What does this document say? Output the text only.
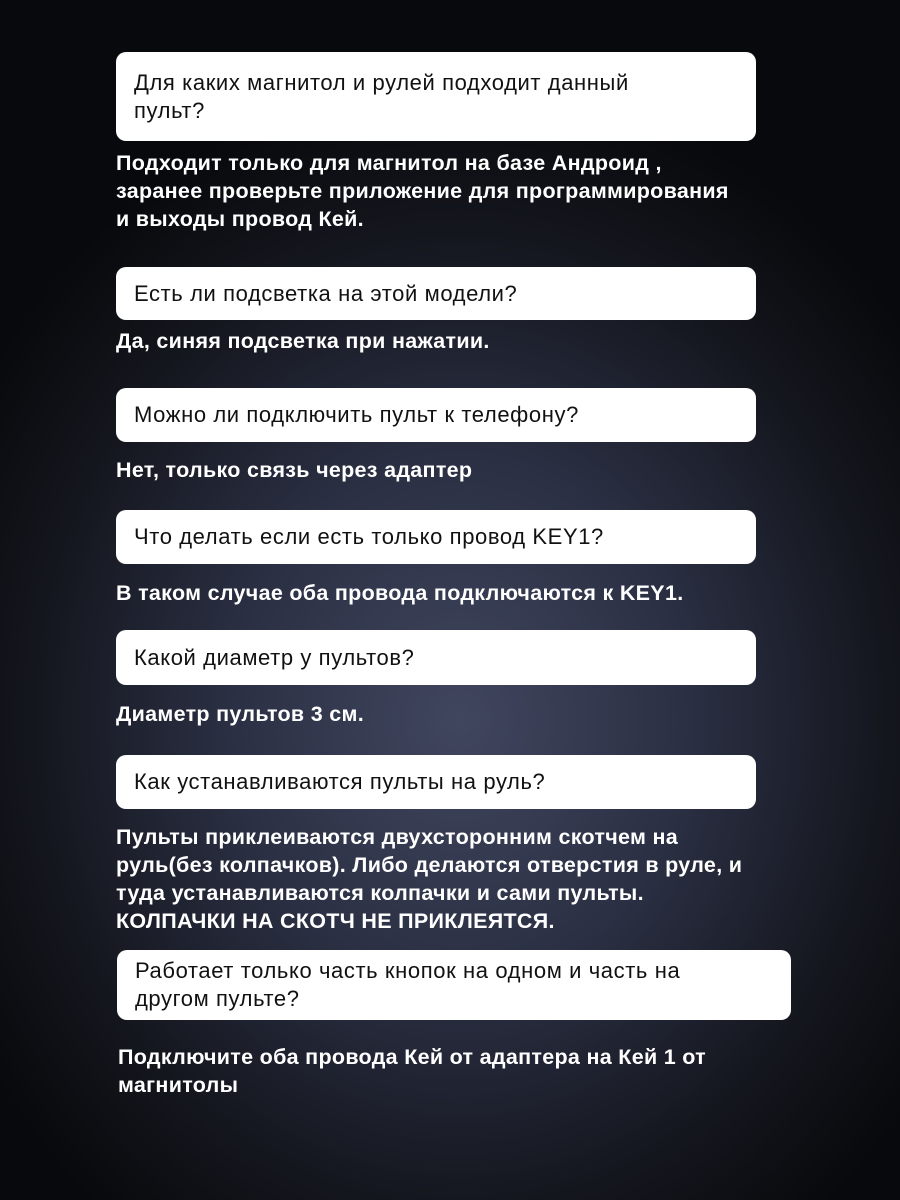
Для каких магнитол и рулей подходит данный
пульт?
Подходит только для магнитол на базе Андроид ,
заранее проверьте приложение для программирования
и выходы провод Кей.
Есть ли подсветка на этой модели?
Да, синяя подсветка при нажатии.
Можно ли подключить пульт к телефону?
Нет, только связь через адаптер
Что делать если есть только провод KEY1?
В таком случае оба провода подключаются к KEY1.
Какой диаметр у пультов?
Диаметр пультов 3 см.
Как устанавливаются пульты на руль?
Пульты приклеиваются двухсторонним скотчем на
руль(без колпачков). Либо делаются отверстия в руле, и
туда устанавливаются колпачки и сами пульты.
КОЛПАЧКИ НА СКОТЧ НЕ ПРИКЛЕЯТСЯ.
Работает только часть кнопок на одном и часть на
другом пульте?
Подключите оба провода Кей от адаптера на Кей 1 от
магнитолы
